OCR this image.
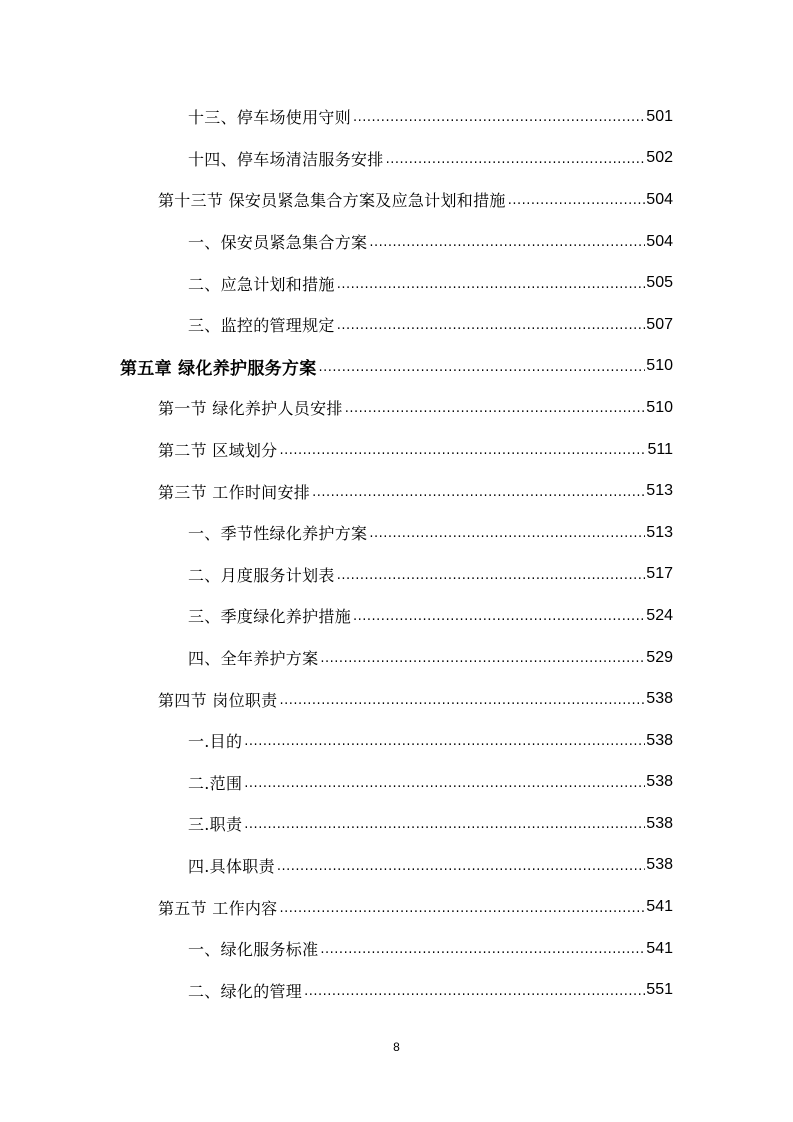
十三、停车场使用守则 .....	501
十四、停车场清洁服务安排 .....	502
第十三节 保安员紧急集合方案及应急计划和措施 .....	504
一、保安员紧急集合方案 .....	504
二、应急计划和措施 .....	505
三、监控的管理规定 .....	507
第五章 绿化养护服务方案 .....	510
第一节 绿化养护人员安排 .....	510
第二节 区域划分 .....	511
第三节 工作时间安排 .....	513
一、季节性绿化养护方案 .....	513
二、月度服务计划表 .....	517
三、季度绿化养护措施 .....	524
四、全年养护方案 .....	529
第四节 岗位职责 .....	538
一.目的 .....	538
二.范围 .....	538
三.职责 .....	538
四.具体职责 .....	538
第五节 工作内容 .....	541
一、绿化服务标准 .....	541
二、绿化的管理 .....	551
8
